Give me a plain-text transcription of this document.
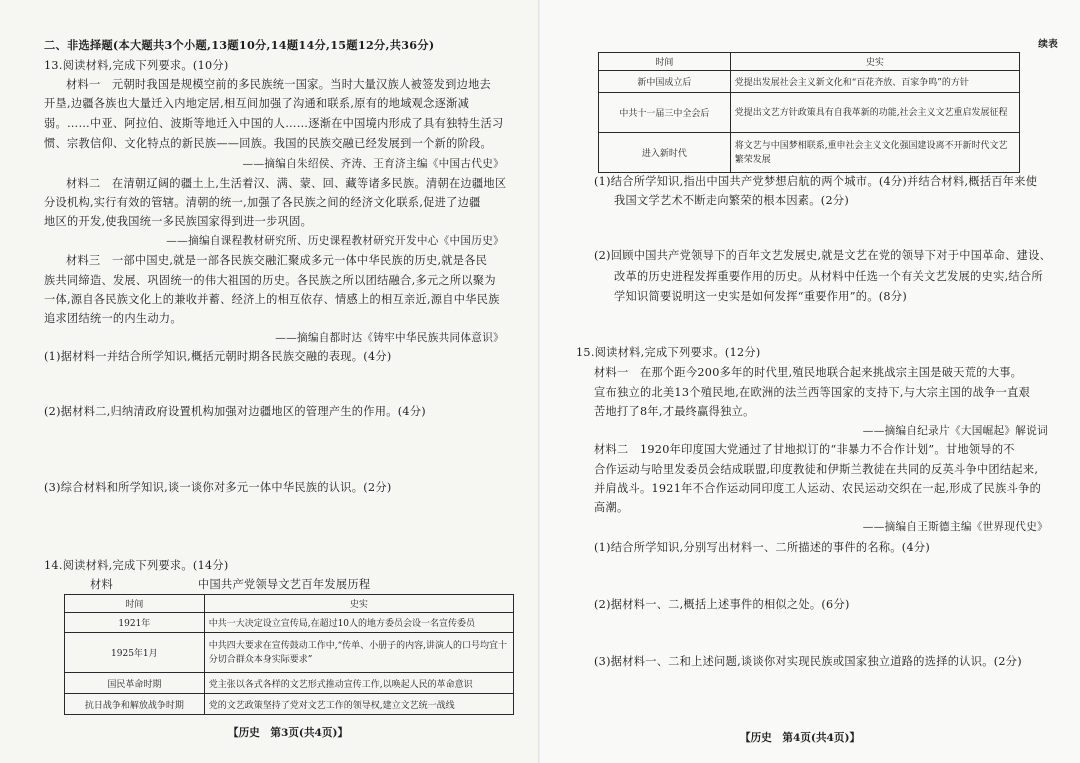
二、非选择题(本大题共3个小题,13题10分,14题14分,15题12分,共36分)
13.阅读材料,完成下列要求。(10分)
材料一　元朝时我国是规模空前的多民族统一国家。当时大量汉族人被签发到边地去
开垦,边疆各族也大量迁入内地定居,相互间加强了沟通和联系,原有的地域观念逐渐减
弱。……中亚、阿拉伯、波斯等地迁入中国的人……逐渐在中国境内形成了具有独特生活习
惯、宗教信仰、文化特点的新民族——回族。我国的民族交融已经发展到一个新的阶段。
——摘编自朱绍侯、齐涛、王育济主编《中国古代史》
材料二　在清朝辽阔的疆土上,生活着汉、满、蒙、回、藏等诸多民族。清朝在边疆地区
分设机构,实行有效的管辖。清朝的统一,加强了各民族之间的经济文化联系,促进了边疆
地区的开发,使我国统一多民族国家得到进一步巩固。
——摘编自课程教材研究所、历史课程教材研究开发中心《中国历史》
材料三　一部中国史,就是一部各民族交融汇聚成多元一体中华民族的历史,就是各民
族共同缔造、发展、巩固统一的伟大祖国的历史。各民族之所以团结融合,多元之所以聚为
一体,源自各民族文化上的兼收并蓄、经济上的相互依存、情感上的相互亲近,源自中华民族
追求团结统一的内生动力。
——摘编自都时达《铸牢中华民族共同体意识》
(1)据材料一并结合所学知识,概括元朝时期各民族交融的表现。(4分)
(2)据材料二,归纳清政府设置机构加强对边疆地区的管理产生的作用。(4分)
(3)综合材料和所学知识,谈一谈你对多元一体中华民族的认识。(2分)
14.阅读材料,完成下列要求。(14分)
材料	中国共产党领导文艺百年发展历程
时间	史实
1921年	中共一大决定设立宣传局,在超过10人的地方委员会设一名宣传委员
1925年1月	中共四大要求在宣传鼓动工作中,“传单、小册子的内容,讲演人的口号均宜十分切合群众本身实际要求”
国民革命时期	党主张以各式各样的文艺形式推动宣传工作,以唤起人民的革命意识
抗日战争和解放战争时期	党的文艺政策坚持了党对文艺工作的领导权,建立文艺统一战线
【历史　第3页(共4页)】
续表
时间	史实
新中国成立后	党提出发展社会主义新文化和“百花齐放、百家争鸣”的方针
中共十一届三中全会后	党提出文艺方针政策具有自我革新的功能,社会主义文艺重启发展征程
进入新时代	将文艺与中国梦相联系,重申社会主义文化强国建设离不开新时代文艺繁荣发展
(1)结合所学知识,指出中国共产党梦想启航的两个城市。(4分)并结合材料,概括百年来使
我国文学艺术不断走向繁荣的根本因素。(2分)
(2)回顾中国共产党领导下的百年文艺发展史,就是文艺在党的领导下对于中国革命、建设、
改革的历史进程发挥重要作用的历史。从材料中任选一个有关文艺发展的史实,结合所
学知识简要说明这一史实是如何发挥“重要作用”的。(8分)
15.阅读材料,完成下列要求。(12分)
材料一　在那个距今200多年的时代里,殖民地联合起来挑战宗主国是破天荒的大事。
宣布独立的北美13个殖民地,在欧洲的法兰西等国家的支持下,与大宗主国的战争一直艰
苦地打了8年,才最终赢得独立。
——摘编自纪录片《大国崛起》解说词
材料二　1920年印度国大党通过了甘地拟订的“非暴力不合作计划”。甘地领导的不
合作运动与哈里发委员会结成联盟,印度教徒和伊斯兰教徒在共同的反英斗争中团结起来,
并肩战斗。1921年不合作运动同印度工人运动、农民运动交织在一起,形成了民族斗争的
高潮。
——摘编自王斯德主编《世界现代史》
(1)结合所学知识,分别写出材料一、二所描述的事件的名称。(4分)
(2)据材料一、二,概括上述事件的相似之处。(6分)
(3)据材料一、二和上述问题,谈谈你对实现民族或国家独立道路的选择的认识。(2分)
【历史　第4页(共4页)】
